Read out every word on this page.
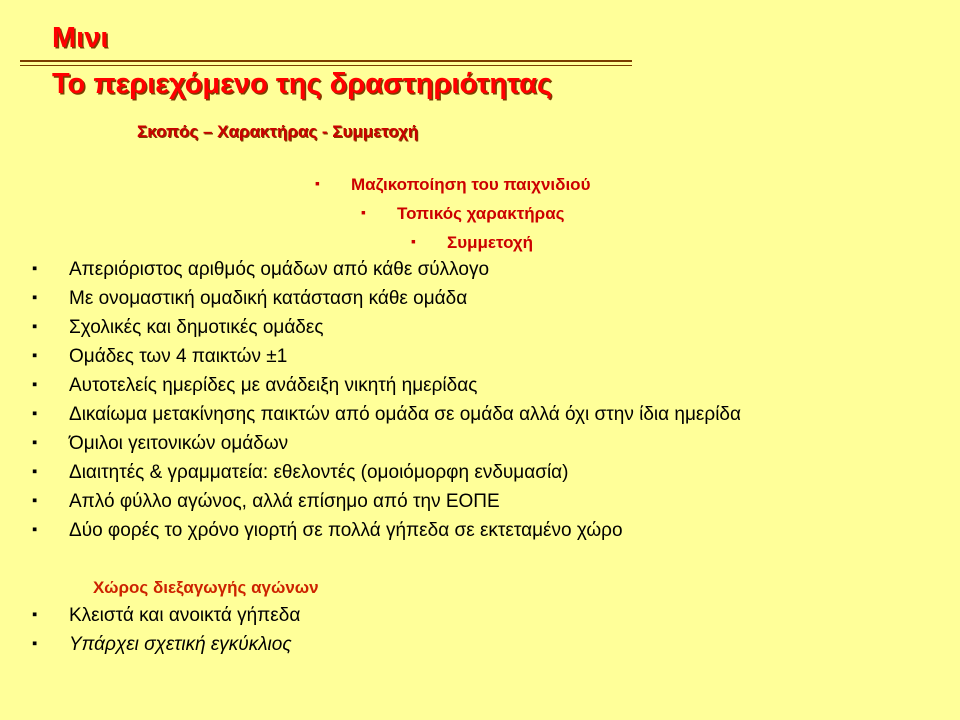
Μινι
Το περιεχόμενο της δραστηριότητας
Σκοπός – Χαρακτήρας - Συμμετοχή
▪ Μαζικοποίηση του παιχνιδιού
▪ Τοπικός χαρακτήρας
▪ Συμμετοχή
▪ Απεριόριστος αριθμός ομάδων από κάθε σύλλογο
▪ Με ονομαστική ομαδική κατάσταση κάθε ομάδα
▪ Σχολικές και δημοτικές ομάδες
▪ Ομάδες των 4 παικτών ±1
▪ Αυτοτελείς ημερίδες με ανάδειξη νικητή ημερίδας
▪ Δικαίωμα μετακίνησης παικτών από ομάδα σε ομάδα αλλά όχι στην ίδια ημερίδα
▪ Όμιλοι γειτονικών ομάδων
▪ Διαιτητές & γραμματεία: εθελοντές (ομοιόμορφη ενδυμασία)
▪ Απλό φύλλο αγώνος, αλλά επίσημο από την ΕΟΠΕ
▪ Δύο φορές το χρόνο γιορτή σε πολλά γήπεδα σε εκτεταμένο χώρο
Χώρος διεξαγωγής αγώνων
▪ Κλειστά και ανοικτά γήπεδα
▪ Υπάρχει σχετική εγκύκλιος
